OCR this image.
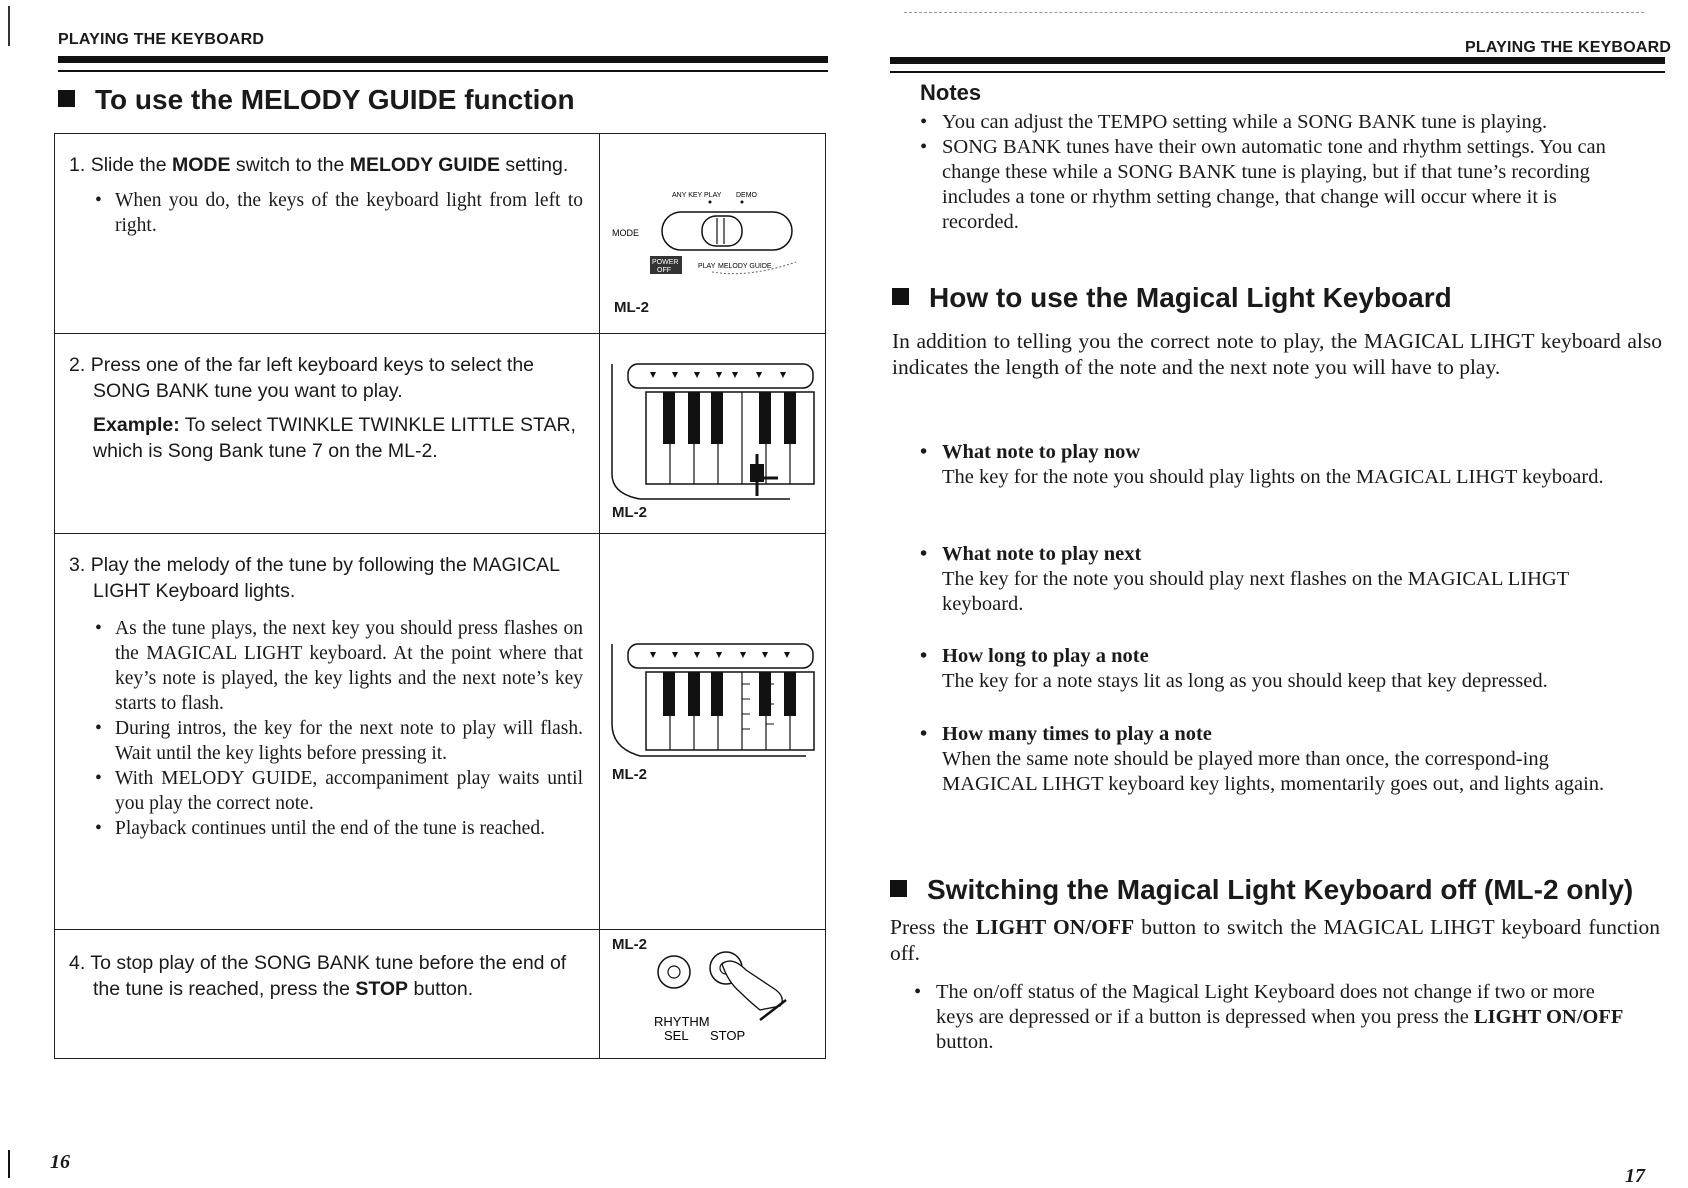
PLAYING THE KEYBOARD
To use the MELODY GUIDE function

1. Slide the MODE switch to the MELODY GUIDE setting.

• When you do, the keys of the keyboard light from left to right.
ANY KEY PLAY DEMO
MODE
POWER
OFF
PLAY MELODY GUIDE
ML-2

2. Press one of the far left keyboard keys to select the SONG BANK tune you want to play.

Example: To select TWINKLE TWINKLE LITTLE STAR, which is Song Bank tune 7 on the ML-2.

ML-2

3. Play the melody of the tune by following the MAGICAL LIGHT Keyboard lights.

• As the tune plays, the next key you should press flashes on the MAGICAL LIGHT keyboard. At the point where that key’s note is played, the key lights and the next note’s key starts to flash.
• During intros, the key for the next note to play will flash. Wait until the key lights before pressing it.
• With MELODY GUIDE, accompaniment play waits until you play the correct note.
• Playback continues until the end of the tune is reached.
ML-2

4. To stop play of the SONG BANK tune before the end of the tune is reached, press the STOP button.

ML-2
RHYTHM
SEL STOP
16
PLAYING THE KEYBOARD
Notes
• You can adjust the TEMPO setting while a SONG BANK tune is playing.
• SONG BANK tunes have their own automatic tone and rhythm settings. You can change these while a SONG BANK tune is playing, but if that tune’s recording includes a tone or rhythm setting change, that change will occur where it is recorded.
How to use the Magical Light Keyboard
In addition to telling you the correct note to play, the MAGICAL LIHGT keyboard also indicates the length of the note and the next note you will have to play.
• What note to play now
The key for the note you should play lights on the MAGICAL LIHGT keyboard.
• What note to play next
The key for the note you should play next flashes on the MAGICAL LIHGT keyboard.
• How long to play a note
The key for a note stays lit as long as you should keep that key depressed.
• How many times to play a note
When the same note should be played more than once, the correspond-ing MAGICAL LIHGT keyboard key lights, momentarily goes out, and lights again.
Switching the Magical Light Keyboard off (ML-2 only)
Press the LIGHT ON/OFF button to switch the MAGICAL LIHGT keyboard function off.
• The on/off status of the Magical Light Keyboard does not change if two or more keys are depressed or if a button is depressed when you press the LIGHT ON/OFF button.
17
